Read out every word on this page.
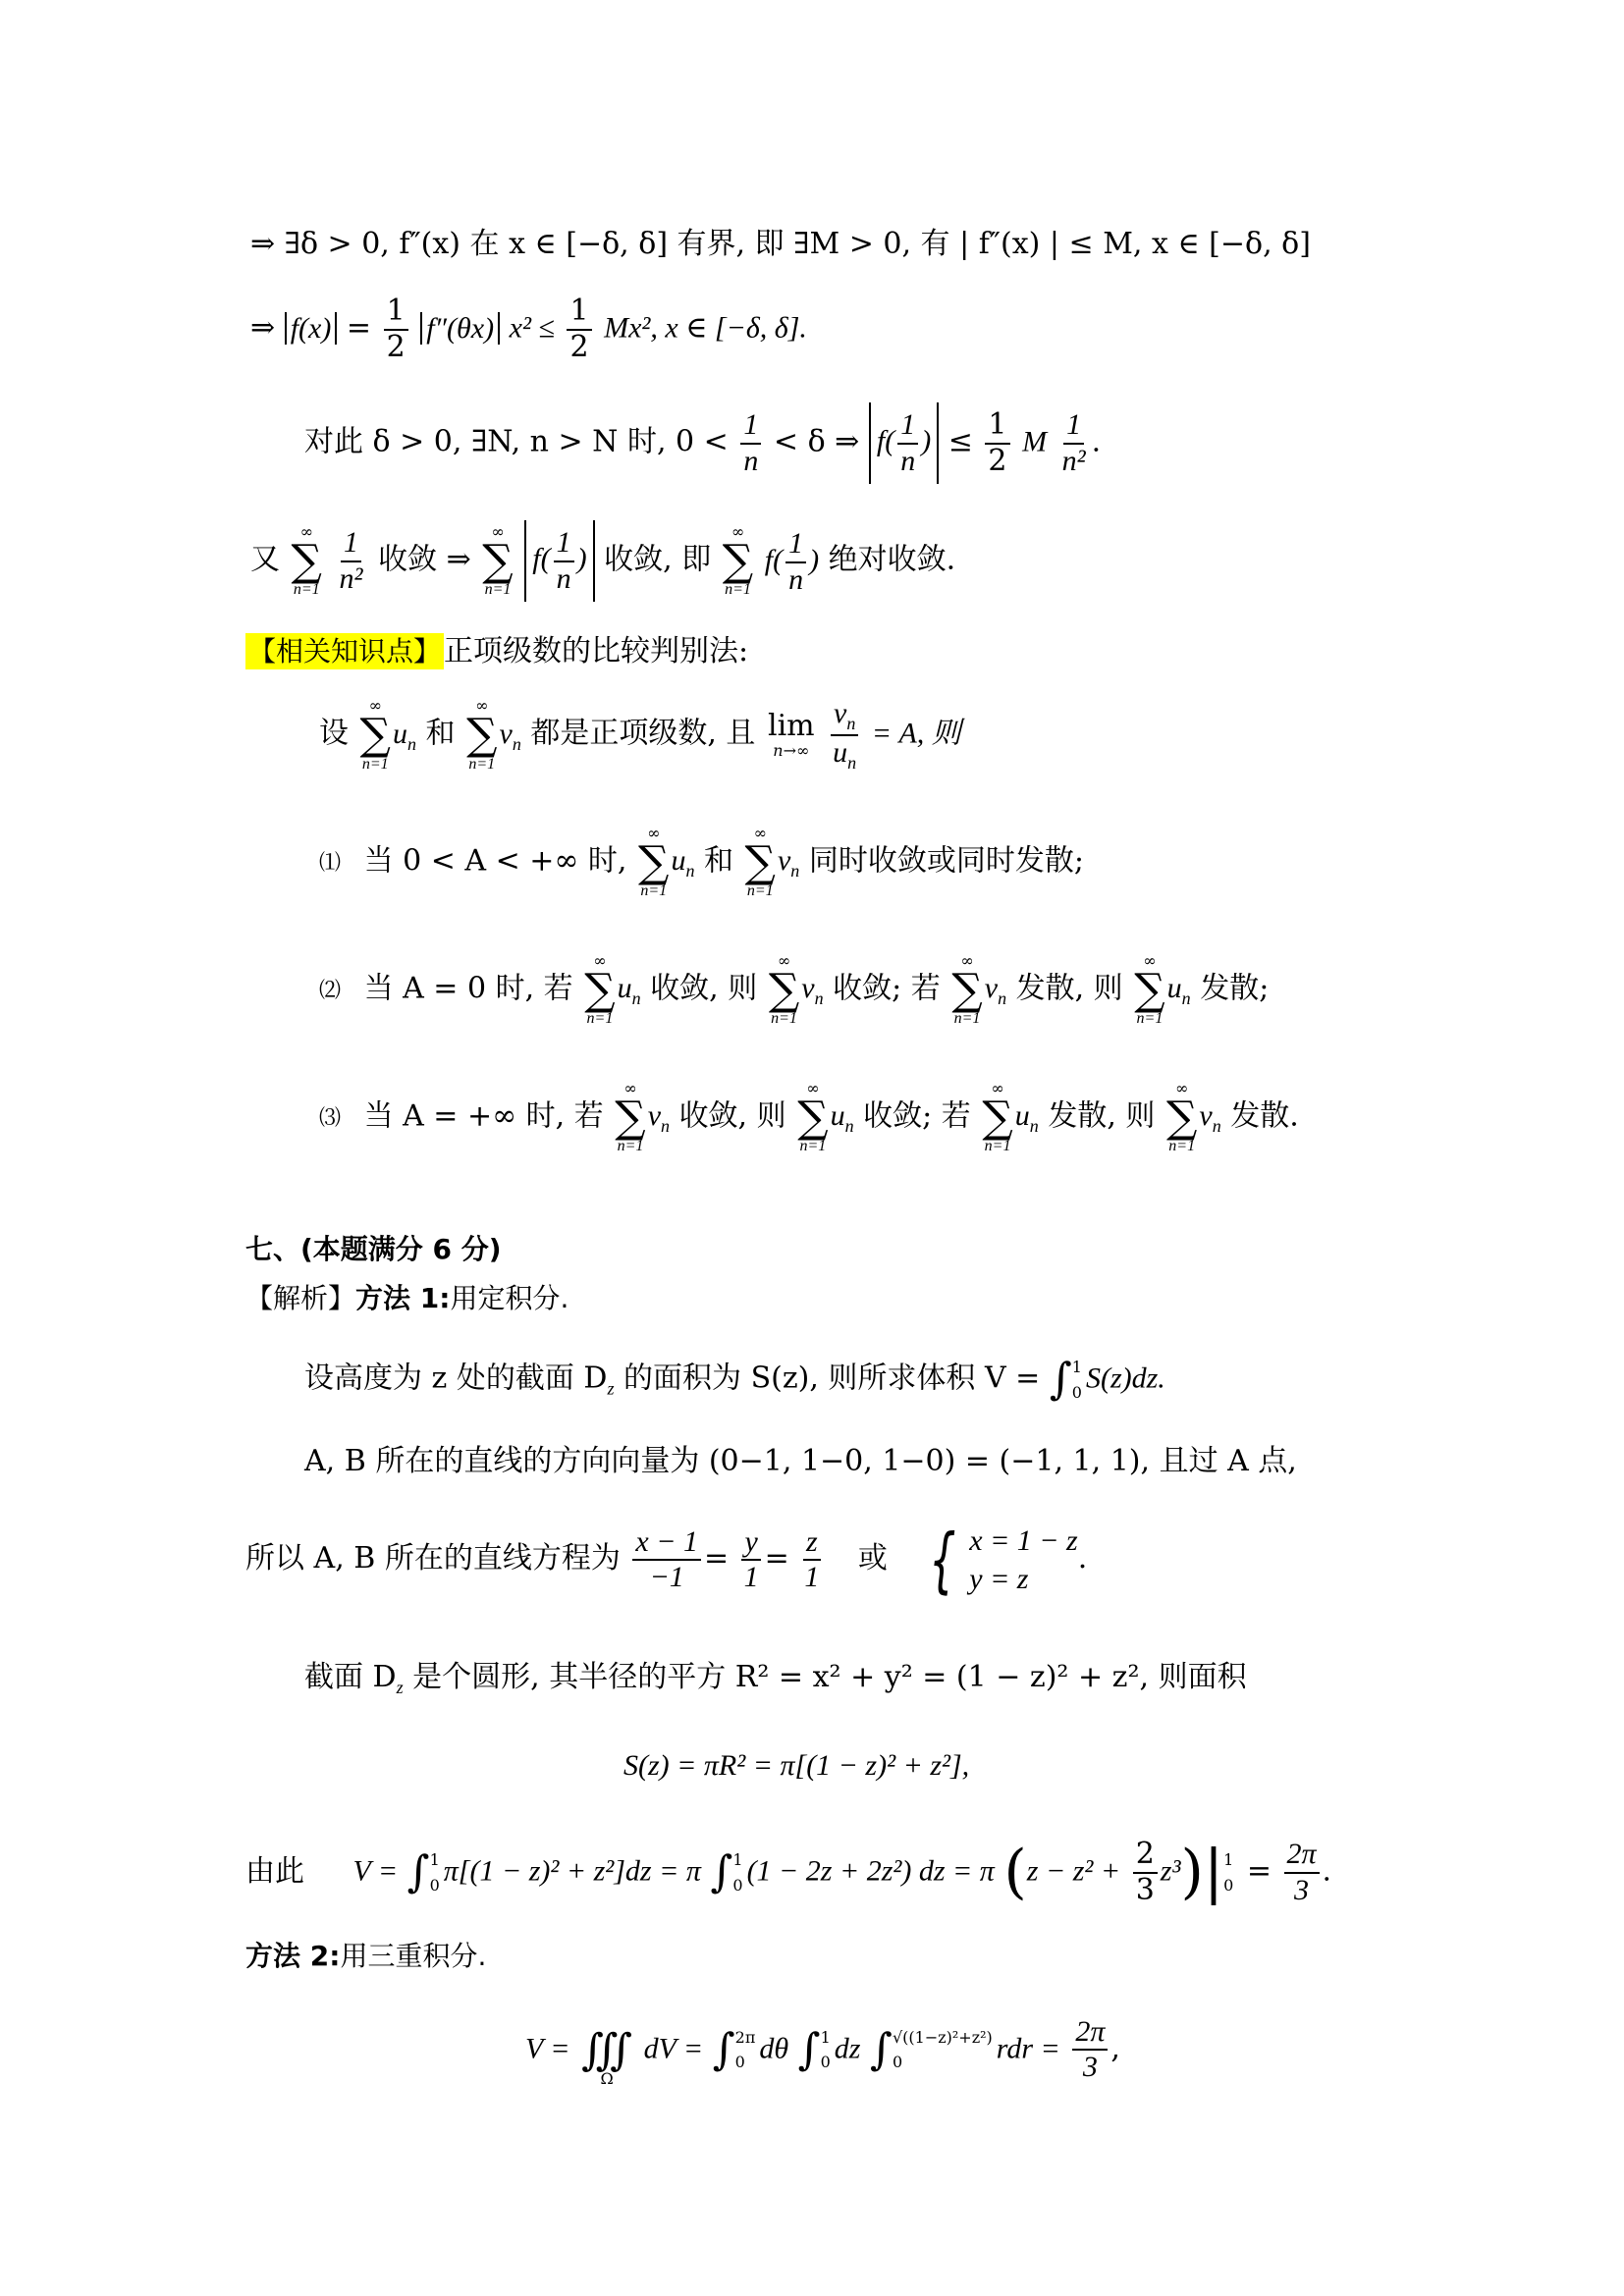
⇒ ∃δ > 0, f″(x) 在 x ∈ [−δ, δ] 有界, 即 ∃M > 0, 有 | f″(x) | ≤ M, x ∈ [−δ, δ]
⇒ $f(x) = \frac{1}{2} f''(\theta x) x^2 \le \frac{1}{2} Mx^2$, x ∈ [−δ, δ].
对此 δ > 0, ∃N, n > N 时, $0 < \frac{1}{n} < \delta$ ⇒ $f( \frac{1}{n}$ ) ≤ $\frac{1}{2}$ M $\frac{1}{\text{n²}}$ .
又
∞
∑
n=1
$\frac{1}{\text{n²}}$ 收敛 ⇒
∞
∑
n=1
$f( \frac{1}{n}$ ) 收敛, 即
∞
∑
n=1
$f( \frac{1}{n}$ ) 绝对收敛.
【相关知识点】 正项级数的比较判别法:
设
∞
∑
n=1
$u_n$ 和
∞
∑
n=1
$v_n$ 都是正项级数, 且 lim
n→∞
$\frac{v_n}{u_n} = A$, 则
⑴ 当 0 < A < +∞ 时,
∞
∑
n=1
$u_n$ 和
∞
∑
n=1
$v_n$ 同时收敛或同时发散;
⑵ 当 A = 0 时, 若
∞
∑
n=1
$u_n$ 收敛, 则
∞
∑
n=1
$v_n$ 收敛; 若
∞
∑
n=1
$v_n$ 发散, 则
∞
∑
n=1
$u_n$ 发散;
⑶ 当 A = +∞ 时, 若
∞
∑
n=1
$v_n$ 收敛, 则
∞
∑
n=1
$u_n$ 收敛; 若
∞
∑
n=1
$u_n$ 发散, 则
∞
∑
n=1
$v_n$ 发散.
七、(本题满分 6 分)
【解析】方法 1:用定积分.
设高度为 z 处的截面 $D_z$ 的面积为 S(z), 则所求体积 V = ∫ 1
0 S(z)dz.
A, B 所在的直线的方向向量为 (0−1, 1−0, 1−0) = (−1, 1, 1), 且过 A 点,
所以 A, B 所在的直线方程为 $\frac{x - 1}{-1} = \frac{y}{1} = \frac{z}{1}$ 或 { x = 1 − z
y = z
.
截面 $D_z$ 是个圆形, 其半径的平方 R² = x² + y² = (1 − z)² + z², 则面积
S(z) = πR² = π[(1 − z)² + z²],
由此 V = ∫ 1
0 π[(1 − z)² + z²]dz = π ∫ 1
0 (1 − 2z + 2z²) dz = π $(z - z^2 + \frac{2}{3} z^3)|$ 1
$0 = \frac{2\pi}{3}$ .
方法 2:用三重积分.
V =
∭
Ω
dV = ∫ 2π
0 dθ ∫ 1
0 dz ∫ √((1−z)²+z²)
0	rdr = $\frac{2\pi}{3}$ ,
